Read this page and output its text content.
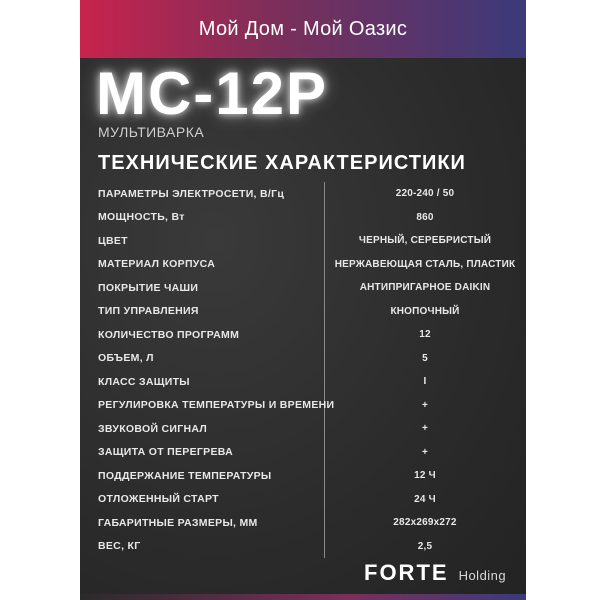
Мой Дом - Мой Оазис
MC-12P
МУЛЬТИВАРКА
ТЕХНИЧЕСКИЕ ХАРАКТЕРИСТИКИ
ПАРАМЕТРЫ ЭЛЕКТРОСЕТИ, В/Гц	220-240 / 50
МОЩНОСТЬ, Вт	860
ЦВЕТ	ЧЕРНЫЙ, СЕРЕБРИСТЫЙ
МАТЕРИАЛ КОРПУСА	НЕРЖАВЕЮЩАЯ СТАЛЬ, ПЛАСТИК
ПОКРЫТИЕ ЧАШИ	АНТИПРИГАРНОЕ DAIKIN
ТИП УПРАВЛЕНИЯ	КНОПОЧНЫЙ
КОЛИЧЕСТВО ПРОГРАММ	12
ОБЪЕМ, Л	5
КЛАСС ЗАЩИТЫ	I
РЕГУЛИРОВКА ТЕМПЕРАТУРЫ И ВРЕМЕНИ	+
ЗВУКОВОЙ СИГНАЛ	+
ЗАЩИТА ОТ ПЕРЕГРЕВА	+
ПОДДЕРЖАНИЕ ТЕМПЕРАТУРЫ	12 Ч
ОТЛОЖЕННЫЙ СТАРТ	24 Ч
ГАБАРИТНЫЕ РАЗМЕРЫ, ММ	282x269x272
ВЕС, КГ	2,5
FORTE Holding
